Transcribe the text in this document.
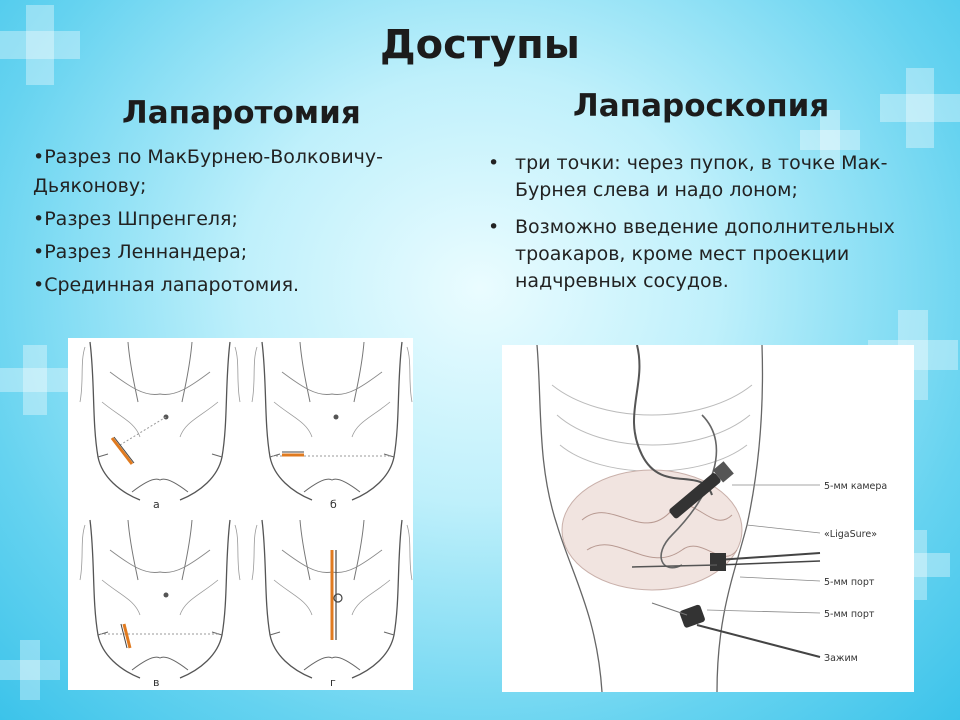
Доступы
Лапаротомия	Лапароскопия
• Разрез по МакБурнею-Волковичу-Дьяконову;
• Разрез Шпренгеля;
• Разрез Леннандера;
• Срединная лапаротомия.
• три точки: через пупок, в точке Мак-Бурнея слева и надо лоном;
• Возможно введение дополнительных троакаров, кроме мест проекции надчревных сосудов.
а	б
в	г
5-мм камера
«LigaSure»
5-мм порт
5-мм порт
Зажим
